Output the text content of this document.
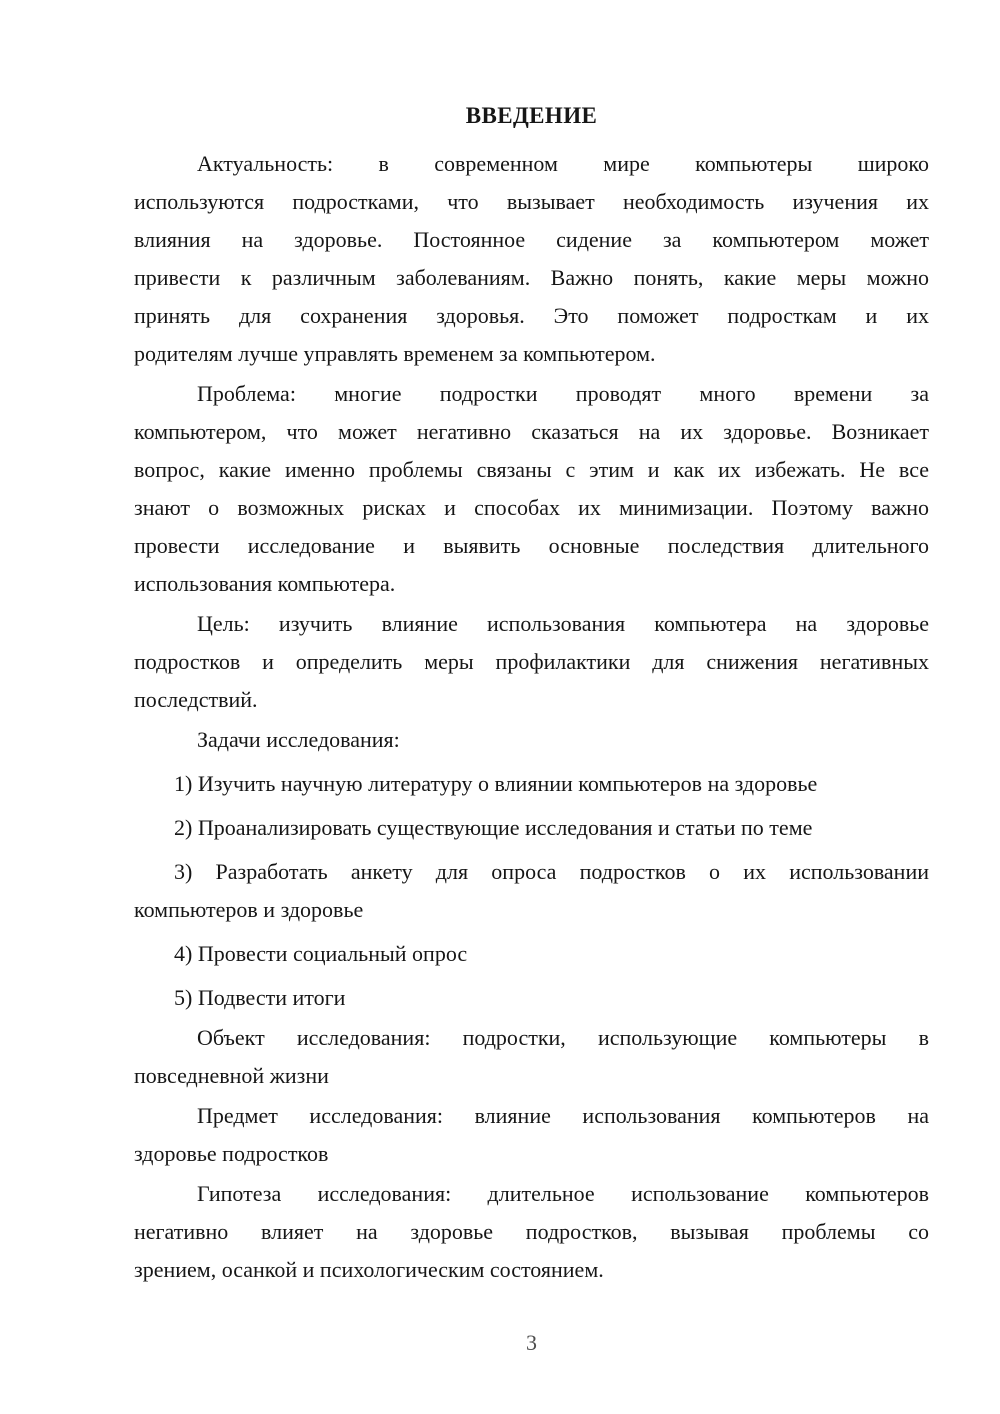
ВВЕДЕНИЕ
Актуальность: в современном мире компьютеры широко
используются подростками, что вызывает необходимость изучения их
влияния на здоровье. Постоянное сидение за компьютером может
привести к различным заболеваниям. Важно понять, какие меры можно
принять для сохранения здоровья. Это поможет подросткам и их
родителям лучше управлять временем за компьютером.
Проблема: многие подростки проводят много времени за
компьютером, что может негативно сказаться на их здоровье. Возникает
вопрос, какие именно проблемы связаны с этим и как их избежать. Не все
знают о возможных рисках и способах их минимизации. Поэтому важно
провести исследование и выявить основные последствия длительного
использования компьютера.
Цель: изучить влияние использования компьютера на здоровье
подростков и определить меры профилактики для снижения негативных
последствий.
Задачи исследования:
1) Изучить научную литературу о влиянии компьютеров на здоровье
2) Проанализировать существующие исследования и статьи по теме
3) Разработать анкету для опроса подростков о их использовании
компьютеров и здоровье
4) Провести социальный опрос
5) Подвести итоги
Объект исследования: подростки, использующие компьютеры в
повседневной жизни
Предмет исследования: влияние использования компьютеров на
здоровье подростков
Гипотеза исследования: длительное использование компьютеров
негативно влияет на здоровье подростков, вызывая проблемы со
зрением, осанкой и психологическим состоянием.
3
